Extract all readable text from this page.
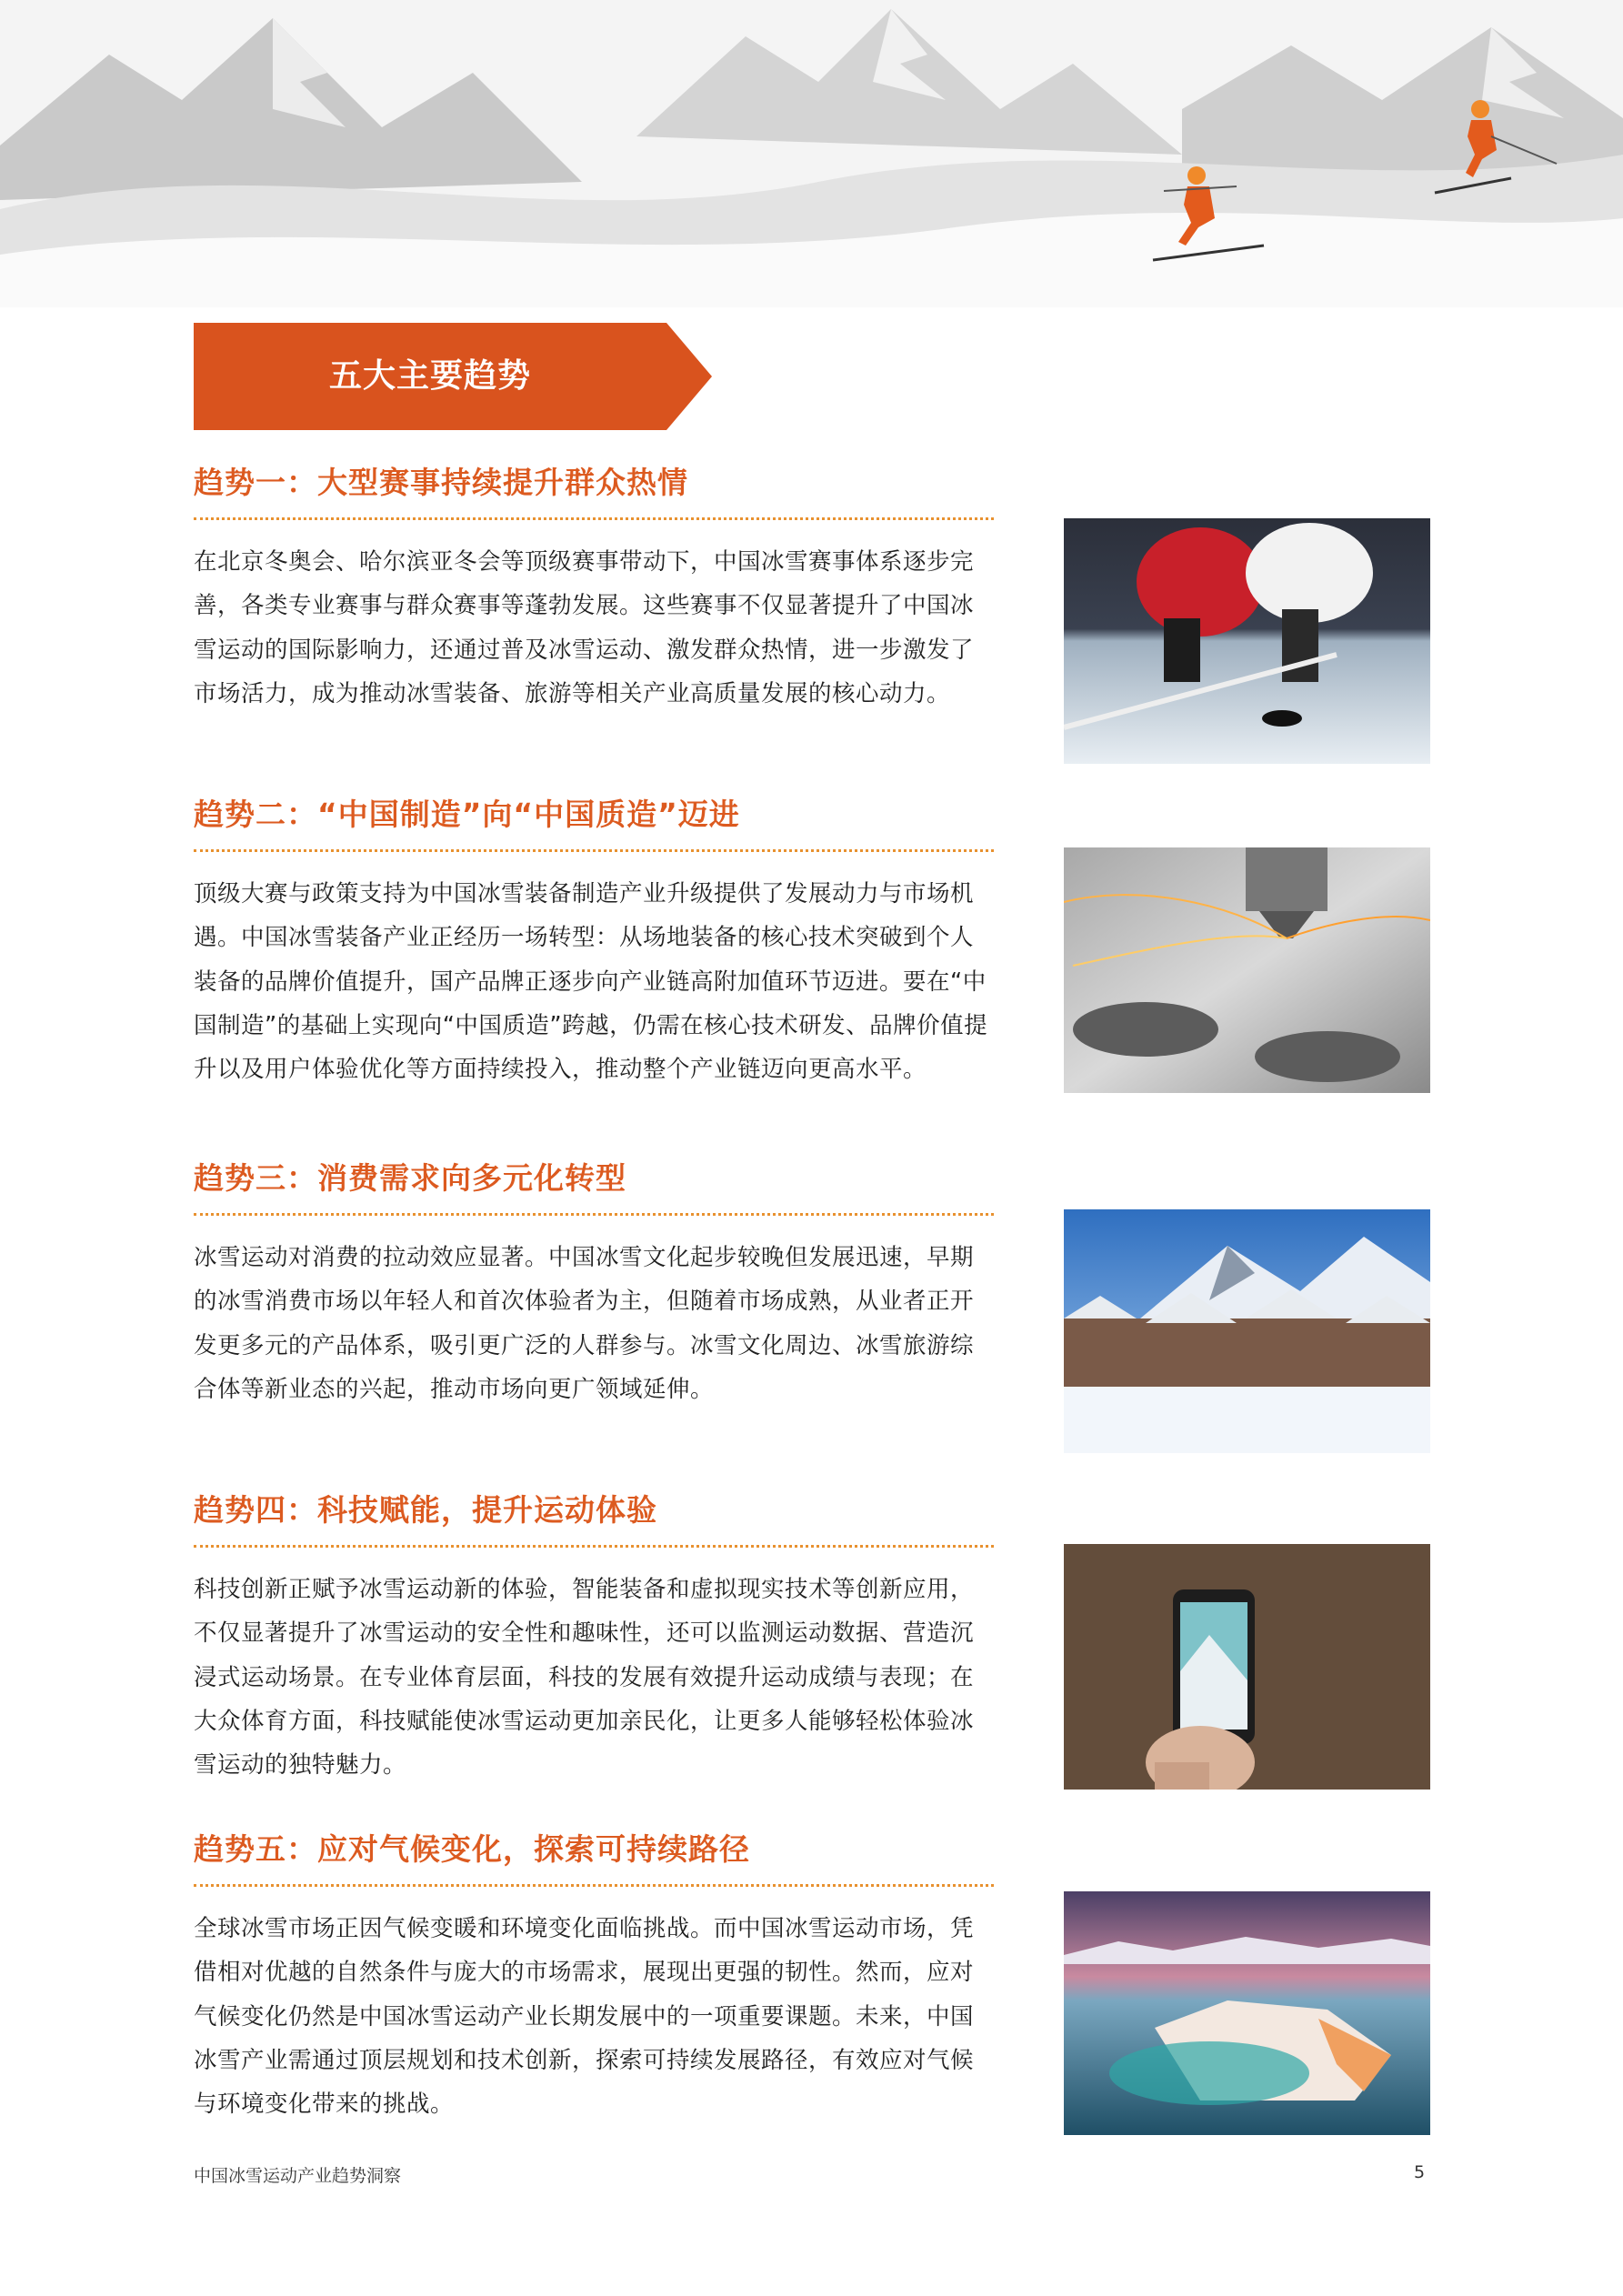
五大主要趋势
趋势一：大型赛事持续提升群众热情
在北京冬奥会、哈尔滨亚冬会等顶级赛事带动下，中国冰雪赛事体系逐步完善，各类专业赛事与群众赛事等蓬勃发展。这些赛事不仅显著提升了中国冰雪运动的国际影响力，还通过普及冰雪运动、激发群众热情，进一步激发了市场活力，成为推动冰雪装备、旅游等相关产业高质量发展的核心动力。
趋势二：“中国制造”向“中国质造”迈进
顶级大赛与政策支持为中国冰雪装备制造产业升级提供了发展动力与市场机遇。中国冰雪装备产业正经历一场转型：从场地装备的核心技术突破到个人装备的品牌价值提升，国产品牌正逐步向产业链高附加值环节迈进。要在“中国制造”的基础上实现向“中国质造”跨越，仍需在核心技术研发、品牌价值提升以及用户体验优化等方面持续投入，推动整个产业链迈向更高水平。
趋势三：消费需求向多元化转型
冰雪运动对消费的拉动效应显著。中国冰雪文化起步较晚但发展迅速，早期的冰雪消费市场以年轻人和首次体验者为主，但随着市场成熟，从业者正开发更多元的产品体系，吸引更广泛的人群参与。冰雪文化周边、冰雪旅游综合体等新业态的兴起，推动市场向更广领域延伸。
趋势四：科技赋能，提升运动体验
科技创新正赋予冰雪运动新的体验，智能装备和虚拟现实技术等创新应用，不仅显著提升了冰雪运动的安全性和趣味性，还可以监测运动数据、营造沉浸式运动场景。在专业体育层面，科技的发展有效提升运动成绩与表现；在大众体育方面，科技赋能使冰雪运动更加亲民化，让更多人能够轻松体验冰雪运动的独特魅力。
趋势五：应对气候变化，探索可持续路径
全球冰雪市场正因气候变暖和环境变化面临挑战。而中国冰雪运动市场，凭借相对优越的自然条件与庞大的市场需求，展现出更强的韧性。然而，应对气候变化仍然是中国冰雪运动产业长期发展中的一项重要课题。未来，中国冰雪产业需通过顶层规划和技术创新，探索可持续发展路径，有效应对气候与环境变化带来的挑战。
中国冰雪运动产业趋势洞察	5
